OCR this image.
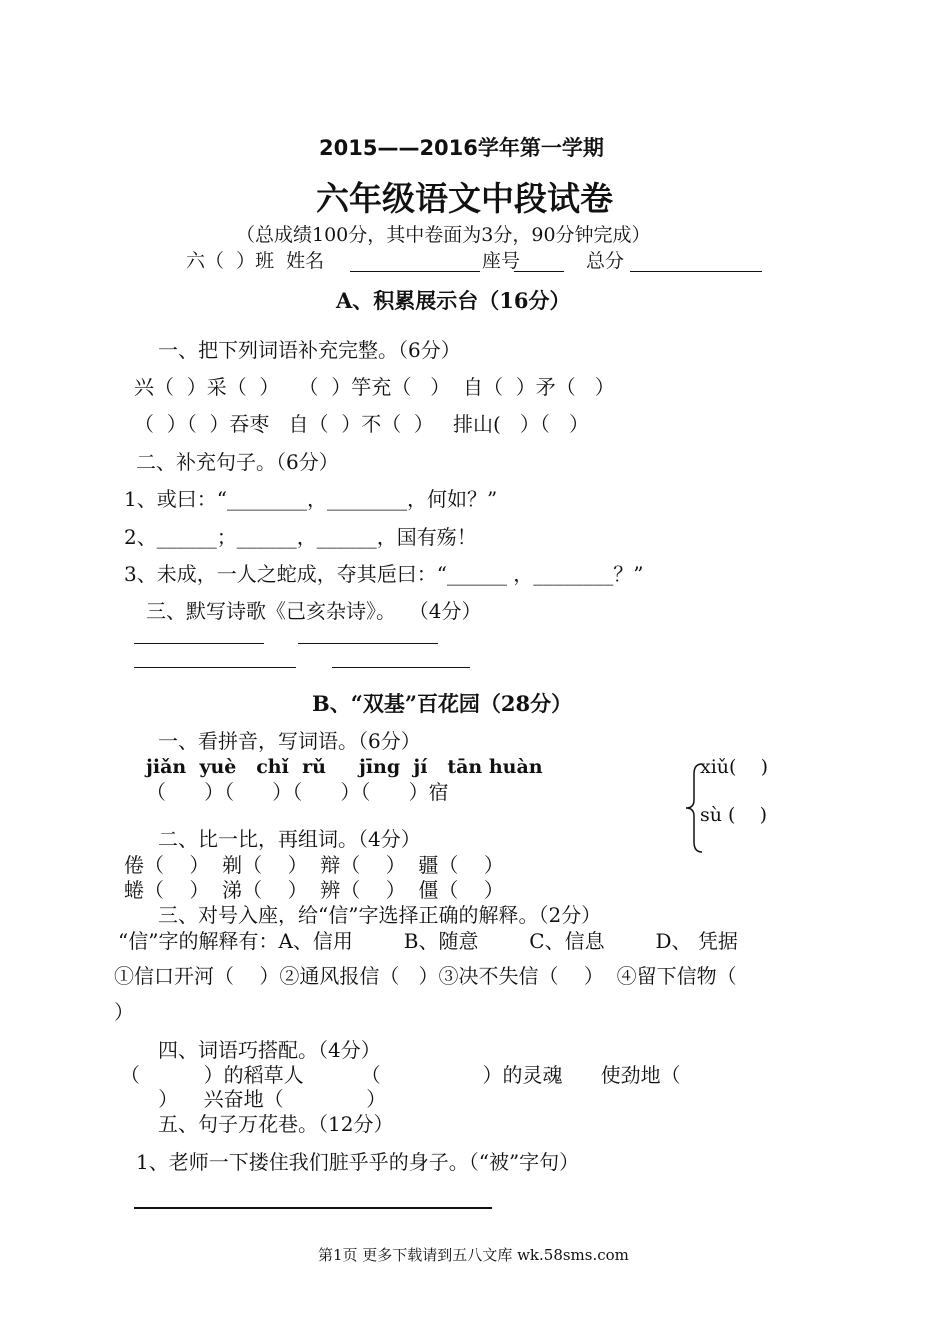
2015——2016学年第一学期
六年级语文中段试卷
（总成绩100分，其中卷面为3分，90分钟完成）
六（  ）班  姓名	座号	总分
A、积累展示台（16分）
一、把下列词语补充完整。（6分）
兴（  ）采（  ）   （  ）竽充（   ）  自（  ）矛（   ）
（  ）（  ）吞枣   自（  ）不（  ）   排山(   ）（   ）
二、补充句子。（6分）
1、或曰：“________，________，何如？”
2、______；______，______，国有殇！
3、未成，一人之蛇成，夺其巵曰：“______ ，________？”
三、默写诗歌《己亥杂诗》。  （4分）
B、“双基”百花园（28分）
一、看拼音，写词语。（6分）
jiǎn  yuè   chǐ  rǔ     jīng  jí   tān huàn
（      ）（      ）（      ）（      ）宿
xiǔ(    )
sù (    )
二、比一比，再组词。（4分）
倦（    ）  剃（    ）  辩（    ）  疆（    ）
蜷（    ）  涕（    ）  辨（    ）  僵（    ）
三、对号入座，给“信”字选择正确的解释。（2分）
“信”字的解释有：A、信用        B、随意        C、信息        D、 凭据
①信口开河（    ）②通风报信（   ）③决不失信（    ）  ④留下信物（
）
四、词语巧搭配。（4分）
（          ）的稻草人         （                ）的灵魂      使劲地（
）    兴奋地（             ）
五、句子万花巷。（12分）
1、老师一下搂住我们脏乎乎的身子。（“被”字句）
第1页 更多下载请到五八文库 wk.58sms.com
